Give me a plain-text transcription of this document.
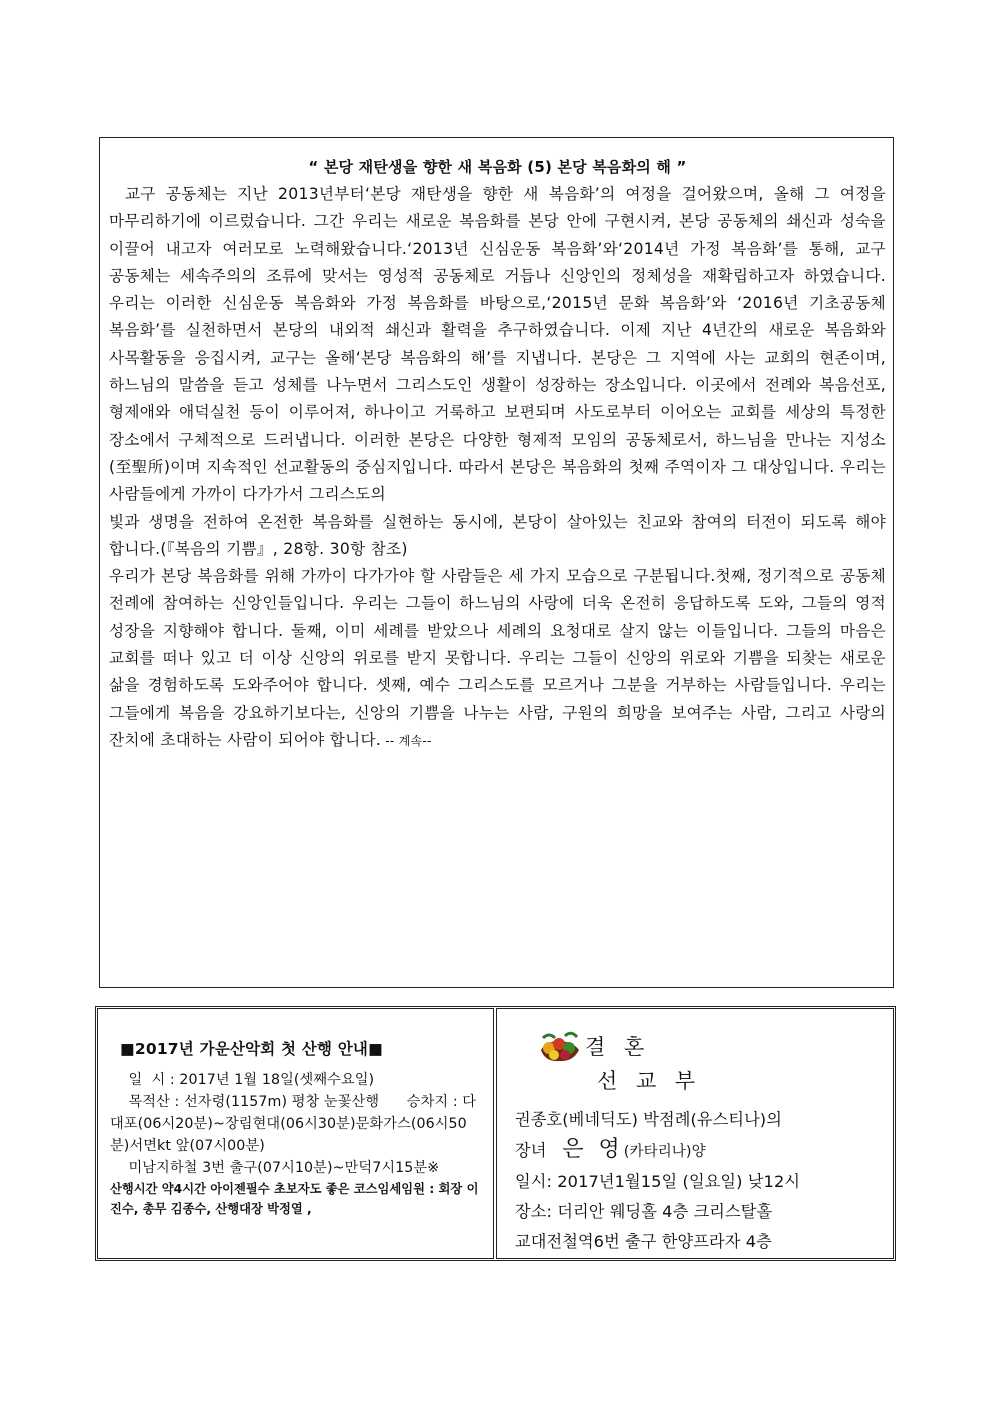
“ 본당 재탄생을 향한 새 복음화 (5) 본당 복음화의 해 ”

교구 공동체는 지난 2013년부터‘본당 재탄생을 향한 새 복음화’의 여정을 걸어왔으며, 올해 그 여정을 마무리하기에 이르렀습니다. 그간 우리는 새로운 복음화를 본당 안에 구현시켜, 본당 공동체의 쇄신과 성숙을 이끌어 내고자 여러모로 노력해왔습니다.‘2013년 신심운동 복음화’와‘2014년 가정 복음화’를 통해, 교구 공동체는 세속주의의 조류에 맞서는 영성적 공동체로 거듭나 신앙인의 정체성을 재확립하고자 하였습니다. 우리는 이러한 신심운동 복음화와 가정 복음화를 바탕으로,‘2015년 문화 복음화’와 ‘2016년 기초공동체 복음화’를 실천하면서 본당의 내외적 쇄신과 활력을 추구하였습니다. 이제 지난 4년간의 새로운 복음화와 사목활동을 응집시켜, 교구는 올해‘본당 복음화의 해’를 지냅니다. 본당은 그 지역에 사는 교회의 현존이며, 하느님의 말씀을 듣고 성체를 나누면서 그리스도인 생활이 성장하는 장소입니다. 이곳에서 전례와 복음선포, 형제애와 애덕실천 등이 이루어져, 하나이고 거룩하고 보편되며 사도로부터 이어오는 교회를 세상의 특정한 장소에서 구체적으로 드러냅니다. 이러한 본당은 다양한 형제적 모임의 공동체로서, 하느님을 만나는 지성소(至聖所)이며 지속적인 선교활동의 중심지입니다. 따라서 본당은 복음화의 첫째 주역이자 그 대상입니다. 우리는 사람들에게 가까이 다가가서 그리스도의

빛과 생명을 전하여 온전한 복음화를 실현하는 동시에, 본당이 살아있는 친교와 참여의 터전이 되도록 해야 합니다.(『복음의 기쁨』, 28항. 30항 참조)

우리가 본당 복음화를 위해 가까이 다가가야 할 사람들은 세 가지 모습으로 구분됩니다.첫째, 정기적으로 공동체 전례에 참여하는 신앙인들입니다. 우리는 그들이 하느님의 사랑에 더욱 온전히 응답하도록 도와, 그들의 영적 성장을 지향해야 합니다. 둘째, 이미 세례를 받았으나 세례의 요청대로 살지 않는 이들입니다. 그들의 마음은 교회를 떠나 있고 더 이상 신앙의 위로를 받지 못합니다. 우리는 그들이 신앙의 위로와 기쁨을 되찾는 새로운 삶을 경험하도록 도와주어야 합니다. 셋째, 예수 그리스도를 모르거나 그분을 거부하는 사람들입니다. 우리는 그들에게 복음을 강요하기보다는, 신앙의 기쁨을 나누는 사람, 구원의 희망을 보여주는 사람, 그리고 사랑의 잔치에 초대하는 사람이 되어야 합니다. -- 계속--

■2017년 가운산악회 첫 산행 안내■

일  시 : 2017년 1월 18일(셋째수요일)

목적산 : 선자령(1157m) 평창 눈꽃산행      승차지 : 다대포(06시20분)~장림현대(06시30분)문화가스(06시50분)서면kt 앞(07시00분)

미남지하철 3번 출구(07시10분)~만덕7시15분※

산행시간 약4시간 아이젠필수 초보자도 좋은 코스임세임원 : 회장 이진수, 총무 김종수, 산행대장 박정열 ,

결 혼

선 교 부

권종호(베네딕도) 박점례(유스티나)의

장녀 은 영(카타리나)양

일시: 2017년1월15일 (일요일) 낮12시

장소: 더리안 웨딩홀 4층 크리스탈홀

교대전철역6번 출구 한양프라자 4층
